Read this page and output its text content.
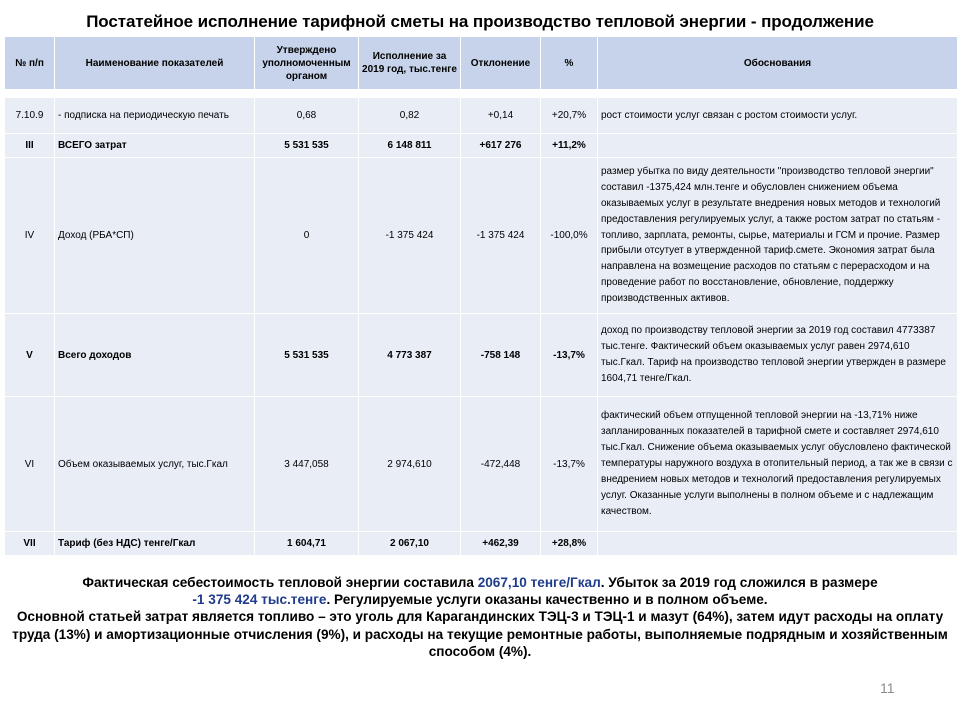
Постатейное исполнение тарифной сметы на производство тепловой энергии - продолжение
№ п/п	Наименование показателей	Утверждено уполномоченным органом	Исполнение за 2019 год, тыс.тенге	Отклонение	%	Обоснования

7.10.9	- подписка на периодическую печать	0,68	0,82	+0,14	+20,7%	рост стоимости услуг связан с ростом стоимости услуг.
III	ВСЕГО затрат	5 531 535	6 148 811	+617 276	+11,2%	
IV	Доход (РБА*СП)	0	-1 375 424	-1 375 424	-100,0%	размер убытка по виду деятельности "производство тепловой энергии" составил -1375,424 млн.тенге и обусловлен снижением объема оказываемых услуг в результате внедрения новых методов и технологий предоставления регулируемых услуг, а также ростом затрат по статьям - топливо, зарплата, ремонты, сырье, материалы и ГСМ и прочие. Размер прибыли отсутует в утвержденной тариф.смете. Экономия затрат была направлена на возмещение расходов по статьям с перерасходом и на проведение работ по восстановление, обновление, поддержку производственных активов.
V	Всего доходов	5 531 535	4 773 387	-758 148	-13,7%	доход по производству тепловой энергии за 2019 год составил 4773387 тыс.тенге. Фактический объем оказываемых услуг равен 2974,610 тыс.Гкал. Тариф на производство тепловой энергии утвержден в размере 1604,71 тенге/Гкал.
VI	Объем оказываемых услуг, тыс.Гкал	3 447,058	2 974,610	-472,448	-13,7%	фактический объем отпущенной тепловой энергии на -13,71% ниже запланированных показателей в тарифной смете и составляет 2974,610 тыс.Гкал. Снижение объема оказываемых услуг обусловлено фактической температуры наружного воздуха в отопительный период, а так же в связи с внедрением новых методов и технологий предоставления регулируемых услуг. Оказанные услуги выполнены в полном объеме и с надлежащим качеством.
VII	Тариф (без НДС) тенге/Гкал	1 604,71	2 067,10	+462,39	+28,8%	
Фактическая себестоимость тепловой энергии составила 2067,10 тенге/Гкал. Убыток за 2019 год сложился в размере
-1 375 424 тыс.тенге. Регулируемые услуги оказаны качественно и в полном объеме.
Основной статьей затрат является топливо – это уголь для Карагандинских ТЭЦ-3 и ТЭЦ-1 и мазут (64%), затем идут расходы на оплату труда (13%) и амортизационные отчисления (9%), и расходы на текущие ремонтные работы, выполняемые подрядным и хозяйственным способом (4%).
11
